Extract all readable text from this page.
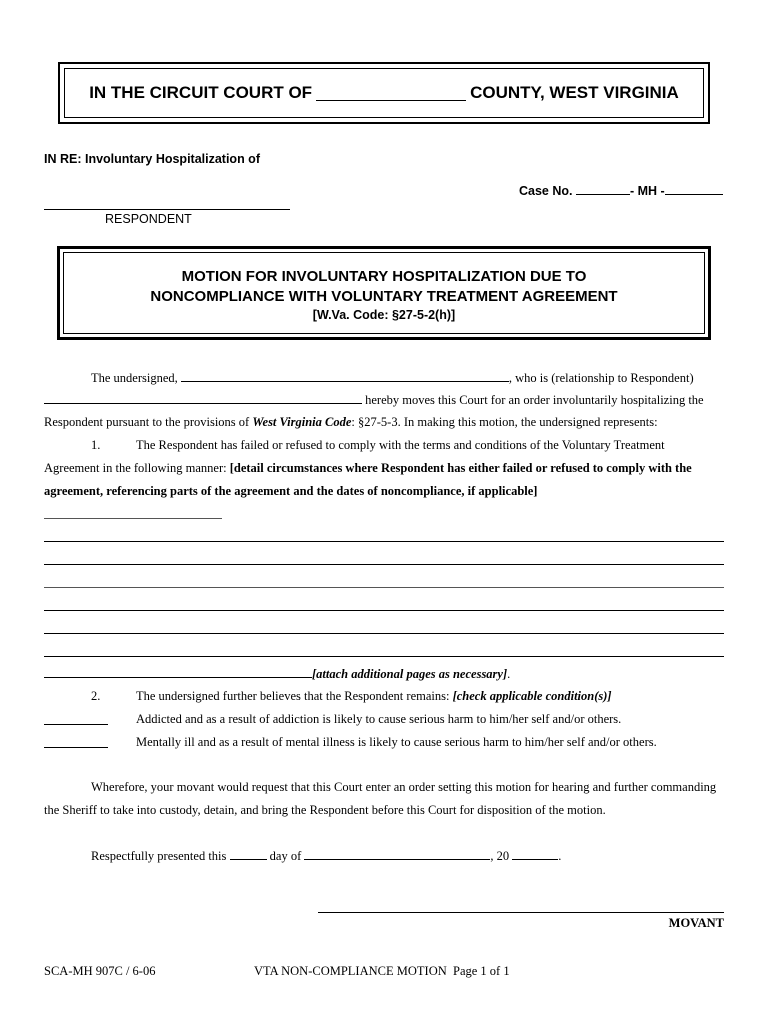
IN THE CIRCUIT COURT OF	COUNTY, WEST VIRGINIA
IN RE: Involuntary Hospitalization of
Case No.	- MH -
RESPONDENT
MOTION FOR INVOLUNTARY HOSPITALIZATION DUE TO
NONCOMPLIANCE WITH VOLUNTARY TREATMENT AGREEMENT
[W.Va. Code: §27-5-2(h)]
The undersigned,	, who is (relationship to Respondent)
hereby moves this Court for an order involuntarily hospitalizing the
Respondent pursuant to the provisions of West Virginia Code: §27-5-3. In making this motion, the undersigned represents:
1.	The Respondent has failed or refused to comply with the terms and conditions of the Voluntary Treatment
Agreement in the following manner: [detail circumstances where Respondent has either failed or refused to comply with the
agreement, referencing parts of the agreement and the dates of noncompliance, if applicable]
[attach additional pages as necessary].
2.	The undersigned further believes that the Respondent remains: [check applicable condition(s)]
Addicted and as a result of addiction is likely to cause serious harm to him/her self and/or others.
Mentally ill and as a result of mental illness is likely to cause serious harm to him/her self and/or others.
Wherefore, your movant would request that this Court enter an order setting this motion for hearing and further commanding
the Sheriff to take into custody, detain, and bring the Respondent before this Court for disposition of the motion.
Respectfully presented this	day of	, 20	.
MOVANT
SCA-MH 907C / 6-06	VTA NON-COMPLIANCE MOTION Page 1 of 1
